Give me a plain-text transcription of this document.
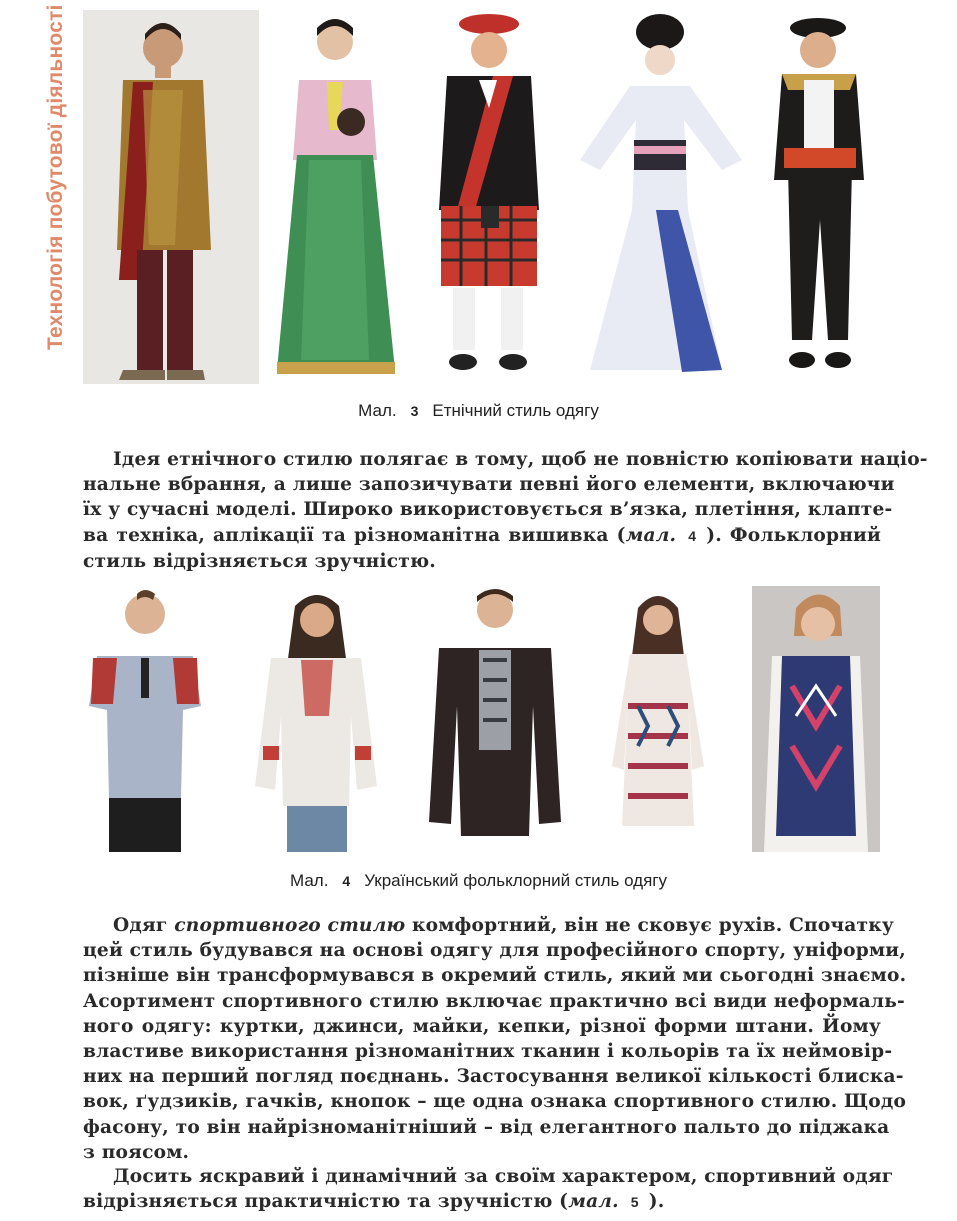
Технологія побутової діяльності
Мал. 3 Етнічний стиль одягу
Ідея етнічного стилю полягає в тому, щоб не повністю копіювати націо-
нальне вбрання, а лише запозичувати певні його елементи, включаючи
їх у сучасні моделі. Широко використовується в’язка, плетіння, клапте-
ва техніка, аплікації та різноманітна вишивка (мал. 4 ). Фольклорний
стиль відрізняється зручністю.
Мал. 4 Український фольклорний стиль одягу
Одяг спортивного стилю комфортний, він не сковує рухів. Спочатку
цей стиль будувався на основі одягу для професійного спорту, уніформи,
пізніше він трансформувався в окремий стиль, який ми сьогодні знаємо.
Асортимент спортивного стилю включає практично всі види неформаль-
ного одягу: куртки, джинси, майки, кепки, різної форми штани. Йому
властиве використання різноманітних тканин і кольорів та їх неймовір-
них на перший погляд поєднань. Застосування великої кількості блиска-
вок, ґудзиків, гачків, кнопок – ще одна ознака спортивного стилю. Щодо
фасону, то він найрізноманітніший – від елегантного пальто до піджака
з поясом.
Досить яскравий і динамічний за своїм характером, спортивний одяг
відрізняється практичністю та зручністю (мал. 5 ).
